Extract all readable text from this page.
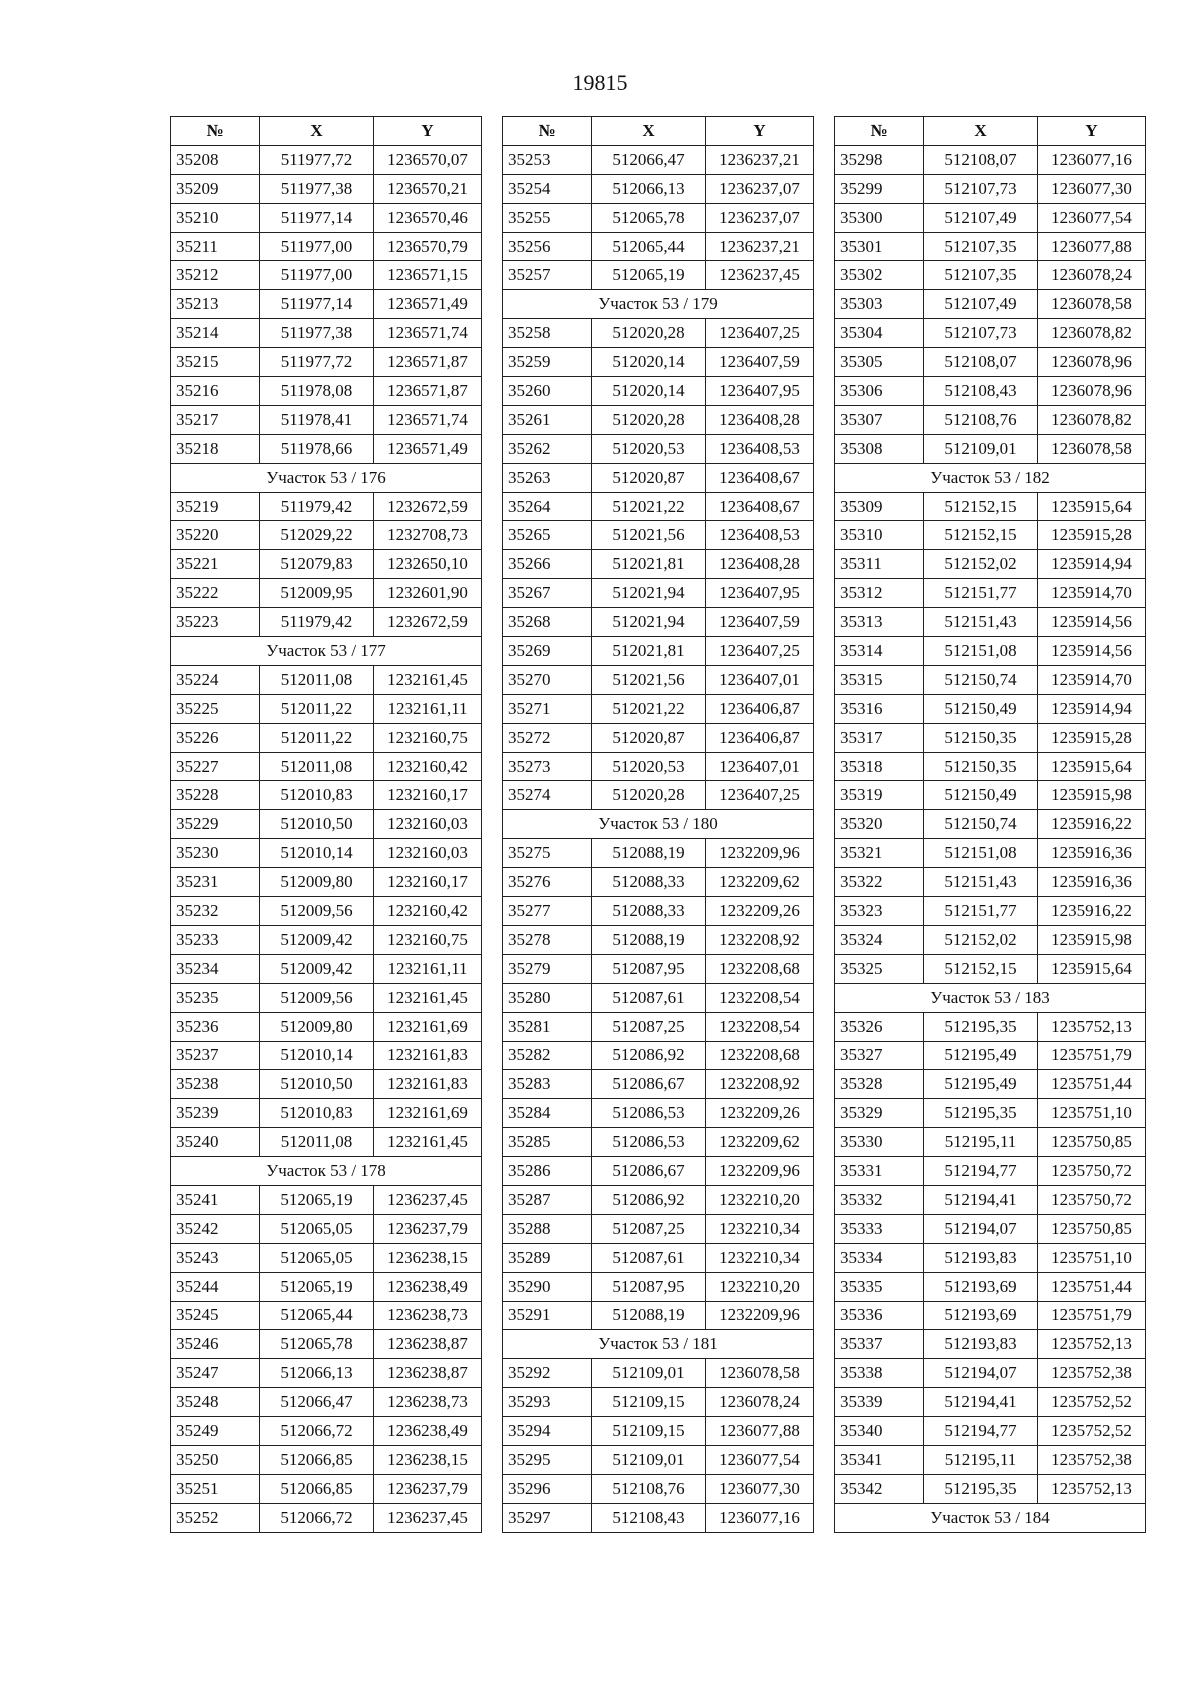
19815
№	X	Y
35208	511977,72	1236570,07
35209	511977,38	1236570,21
35210	511977,14	1236570,46
35211	511977,00	1236570,79
35212	511977,00	1236571,15
35213	511977,14	1236571,49
35214	511977,38	1236571,74
35215	511977,72	1236571,87
35216	511978,08	1236571,87
35217	511978,41	1236571,74
35218	511978,66	1236571,49
Участок 53 / 176		
35219	511979,42	1232672,59
35220	512029,22	1232708,73
35221	512079,83	1232650,10
35222	512009,95	1232601,90
35223	511979,42	1232672,59
Участок 53 / 177		
35224	512011,08	1232161,45
35225	512011,22	1232161,11
35226	512011,22	1232160,75
35227	512011,08	1232160,42
35228	512010,83	1232160,17
35229	512010,50	1232160,03
35230	512010,14	1232160,03
35231	512009,80	1232160,17
35232	512009,56	1232160,42
35233	512009,42	1232160,75
35234	512009,42	1232161,11
35235	512009,56	1232161,45
35236	512009,80	1232161,69
35237	512010,14	1232161,83
35238	512010,50	1232161,83
35239	512010,83	1232161,69
35240	512011,08	1232161,45
Участок 53 / 178		
35241	512065,19	1236237,45
35242	512065,05	1236237,79
35243	512065,05	1236238,15
35244	512065,19	1236238,49
35245	512065,44	1236238,73
35246	512065,78	1236238,87
35247	512066,13	1236238,87
35248	512066,47	1236238,73
35249	512066,72	1236238,49
35250	512066,85	1236238,15
35251	512066,85	1236237,79
35252	512066,72	1236237,45
№	X	Y
35253	512066,47	1236237,21
35254	512066,13	1236237,07
35255	512065,78	1236237,07
35256	512065,44	1236237,21
35257	512065,19	1236237,45
Участок 53 / 179		
35258	512020,28	1236407,25
35259	512020,14	1236407,59
35260	512020,14	1236407,95
35261	512020,28	1236408,28
35262	512020,53	1236408,53
35263	512020,87	1236408,67
35264	512021,22	1236408,67
35265	512021,56	1236408,53
35266	512021,81	1236408,28
35267	512021,94	1236407,95
35268	512021,94	1236407,59
35269	512021,81	1236407,25
35270	512021,56	1236407,01
35271	512021,22	1236406,87
35272	512020,87	1236406,87
35273	512020,53	1236407,01
35274	512020,28	1236407,25
Участок 53 / 180		
35275	512088,19	1232209,96
35276	512088,33	1232209,62
35277	512088,33	1232209,26
35278	512088,19	1232208,92
35279	512087,95	1232208,68
35280	512087,61	1232208,54
35281	512087,25	1232208,54
35282	512086,92	1232208,68
35283	512086,67	1232208,92
35284	512086,53	1232209,26
35285	512086,53	1232209,62
35286	512086,67	1232209,96
35287	512086,92	1232210,20
35288	512087,25	1232210,34
35289	512087,61	1232210,34
35290	512087,95	1232210,20
35291	512088,19	1232209,96
Участок 53 / 181		
35292	512109,01	1236078,58
35293	512109,15	1236078,24
35294	512109,15	1236077,88
35295	512109,01	1236077,54
35296	512108,76	1236077,30
35297	512108,43	1236077,16
№	X	Y
35298	512108,07	1236077,16
35299	512107,73	1236077,30
35300	512107,49	1236077,54
35301	512107,35	1236077,88
35302	512107,35	1236078,24
35303	512107,49	1236078,58
35304	512107,73	1236078,82
35305	512108,07	1236078,96
35306	512108,43	1236078,96
35307	512108,76	1236078,82
35308	512109,01	1236078,58
Участок 53 / 182		
35309	512152,15	1235915,64
35310	512152,15	1235915,28
35311	512152,02	1235914,94
35312	512151,77	1235914,70
35313	512151,43	1235914,56
35314	512151,08	1235914,56
35315	512150,74	1235914,70
35316	512150,49	1235914,94
35317	512150,35	1235915,28
35318	512150,35	1235915,64
35319	512150,49	1235915,98
35320	512150,74	1235916,22
35321	512151,08	1235916,36
35322	512151,43	1235916,36
35323	512151,77	1235916,22
35324	512152,02	1235915,98
35325	512152,15	1235915,64
Участок 53 / 183		
35326	512195,35	1235752,13
35327	512195,49	1235751,79
35328	512195,49	1235751,44
35329	512195,35	1235751,10
35330	512195,11	1235750,85
35331	512194,77	1235750,72
35332	512194,41	1235750,72
35333	512194,07	1235750,85
35334	512193,83	1235751,10
35335	512193,69	1235751,44
35336	512193,69	1235751,79
35337	512193,83	1235752,13
35338	512194,07	1235752,38
35339	512194,41	1235752,52
35340	512194,77	1235752,52
35341	512195,11	1235752,38
35342	512195,35	1235752,13
Участок 53 / 184		
